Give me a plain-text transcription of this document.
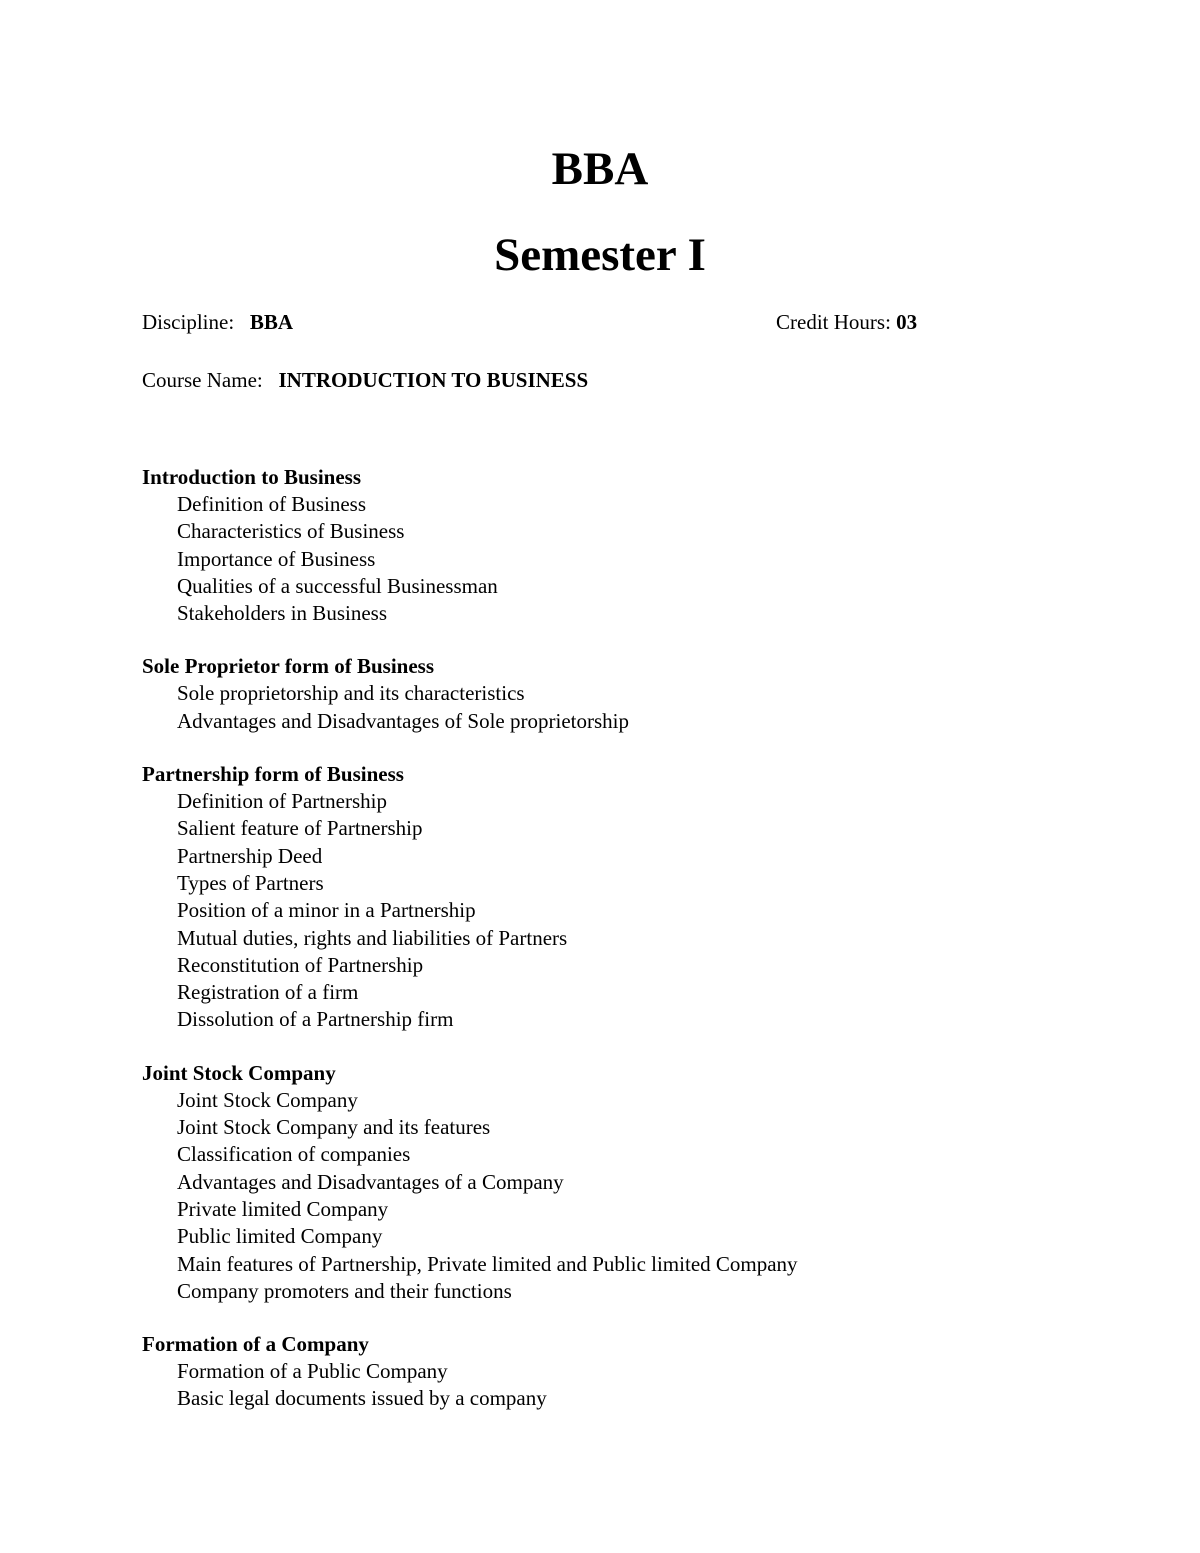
BBA
Semester I
Discipline: BBA	Credit Hours: 03
Course Name: INTRODUCTION TO BUSINESS
Introduction to Business
Definition of Business
Characteristics of Business
Importance of Business
Qualities of a successful Businessman
Stakeholders in Business
Sole Proprietor form of Business
Sole proprietorship and its characteristics
Advantages and Disadvantages of Sole proprietorship
Partnership form of Business
Definition of Partnership
Salient feature of Partnership
Partnership Deed
Types of Partners
Position of a minor in a Partnership
Mutual duties, rights and liabilities of Partners
Reconstitution of Partnership
Registration of a firm
Dissolution of a Partnership firm
Joint Stock Company
Joint Stock Company
Joint Stock Company and its features
Classification of companies
Advantages and Disadvantages of a Company
Private limited Company
Public limited Company
Main features of Partnership, Private limited and Public limited Company
Company promoters and their functions
Formation of a Company
Formation of a Public Company
Basic legal documents issued by a company
